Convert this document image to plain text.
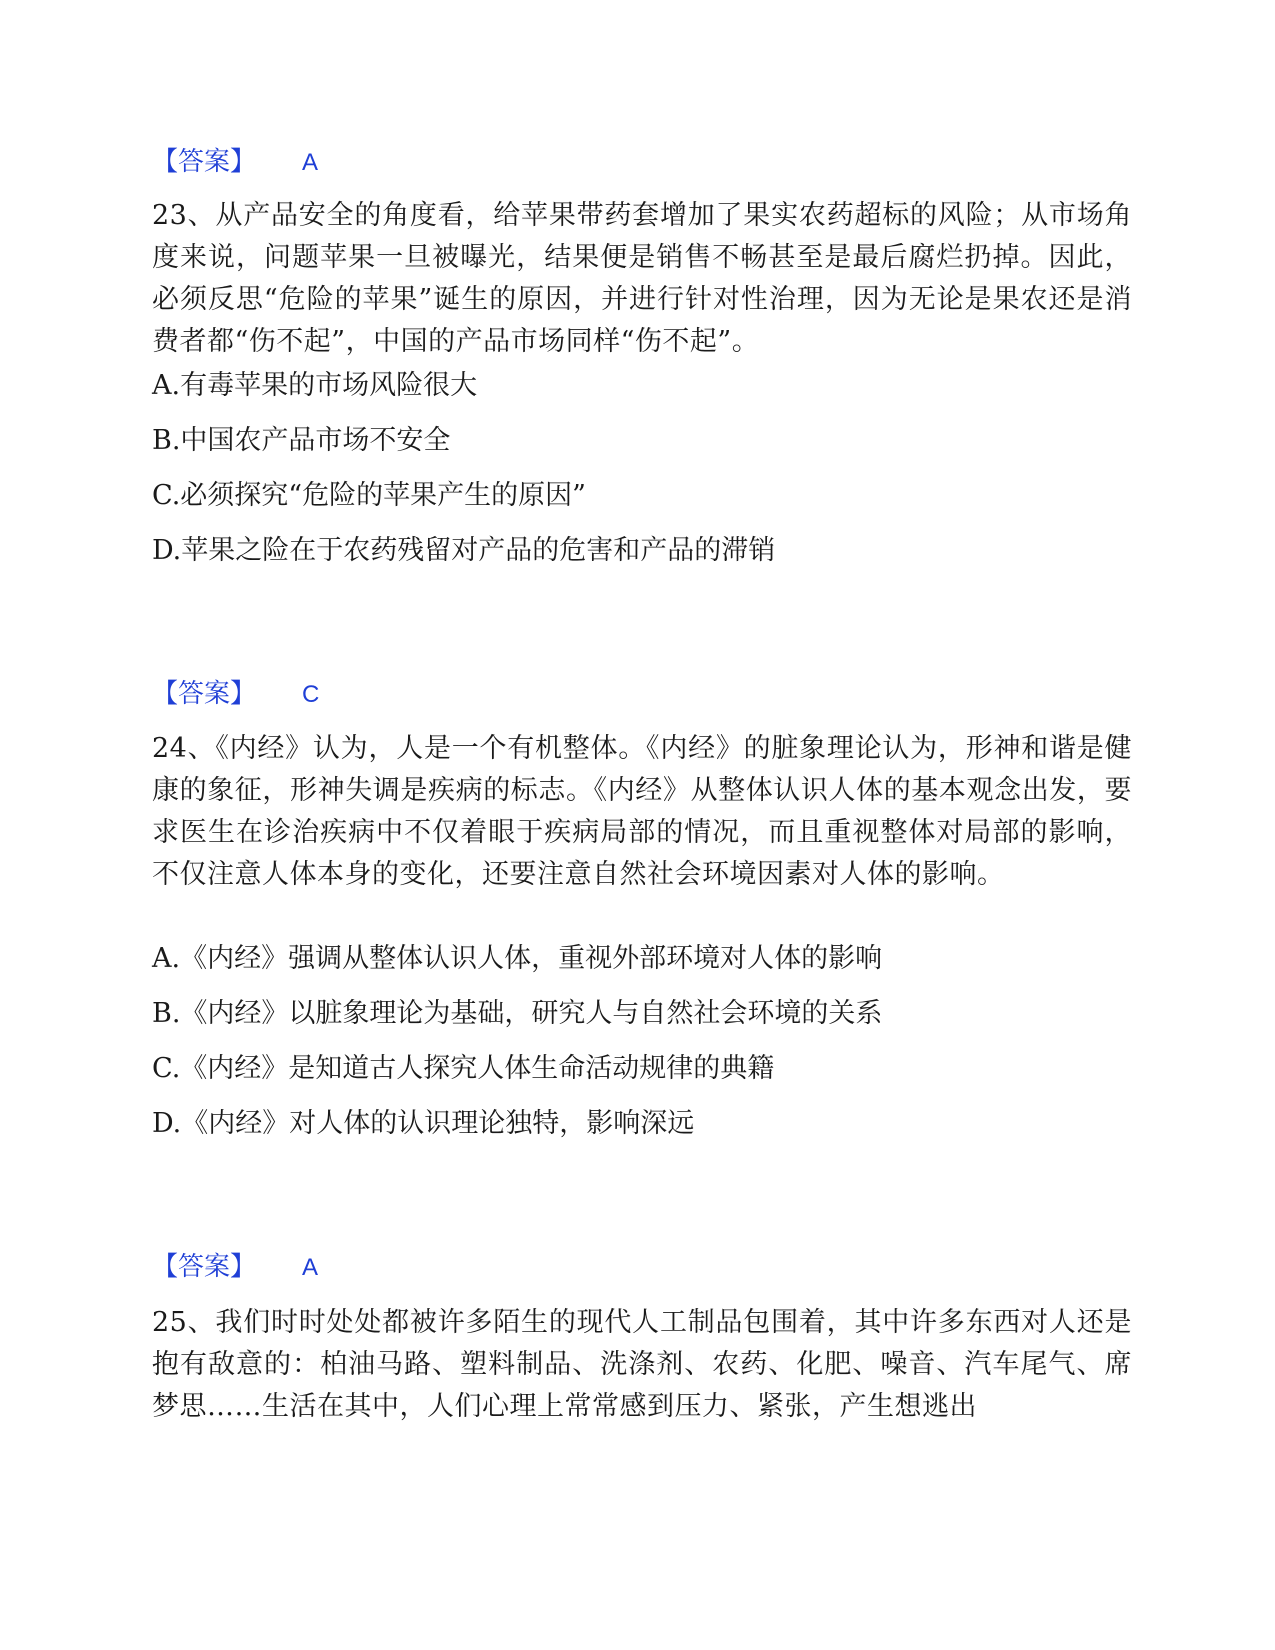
【答案】 A

23、从产品安全的角度看，给苹果带药套增加了果实农药超标的风险；从市场角度来说，问题苹果一旦被曝光，结果便是销售不畅甚至是最后腐烂扔掉。因此，必须反思“危险的苹果”诞生的原因，并进行针对性治理，因为无论是果农还是消费者都“伤不起”，中国的产品市场同样“伤不起”。

A.有毒苹果的市场风险很大
B.中国农产品市场不安全
C.必须探究“危险的苹果产生的原因”
D.苹果之险在于农药残留对产品的危害和产品的滞销
【答案】 C

24、《内经》认为，人是一个有机整体。《内经》的脏象理论认为，形神和谐是健康的象征，形神失调是疾病的标志。《内经》从整体认识人体的基本观念出发，要求医生在诊治疾病中不仅着眼于疾病局部的情况，而且重视整体对局部的影响，不仅注意人体本身的变化，还要注意自然社会环境因素对人体的影响。

A.《内经》强调从整体认识人体，重视外部环境对人体的影响
B.《内经》以脏象理论为基础，研究人与自然社会环境的关系
C.《内经》是知道古人探究人体生命活动规律的典籍
D.《内经》对人体的认识理论独特，影响深远
【答案】 A

25、我们时时处处都被许多陌生的现代人工制品包围着，其中许多东西对人还是抱有敌意的：柏油马路、塑料制品、洗涤剂、农药、化肥、噪音、汽车尾气、席梦思……生活在其中，人们心理上常常感到压力、紧张，产生想逃出
